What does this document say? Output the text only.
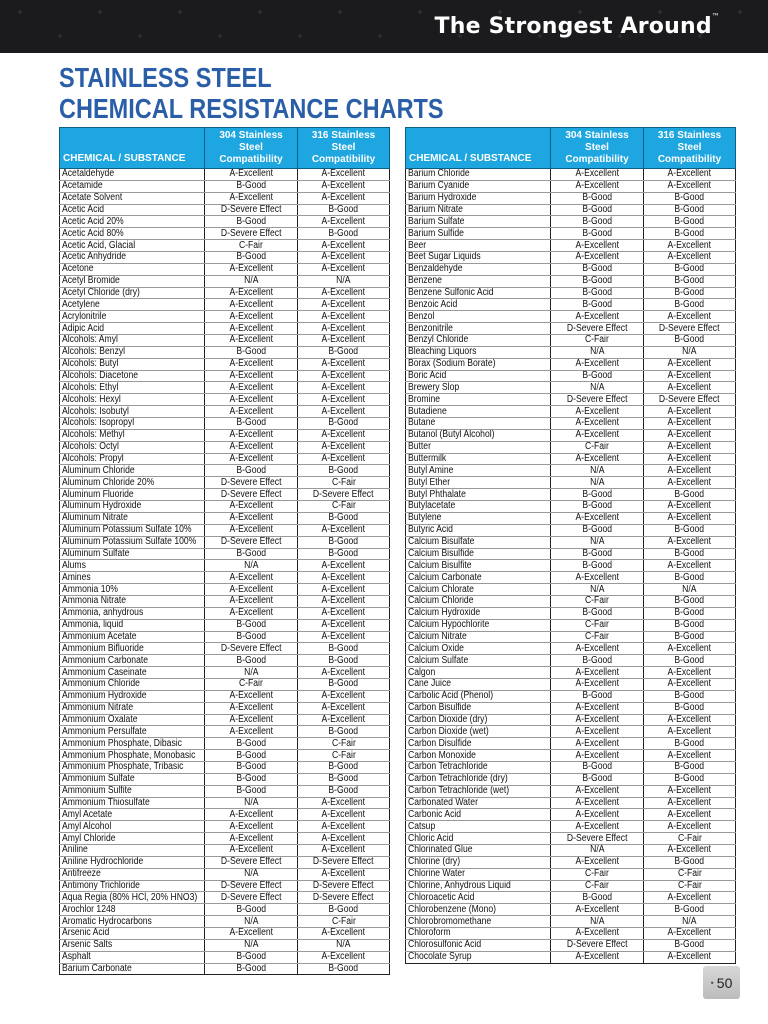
The Strongest Around™
STAINLESS STEEL
CHEMICAL RESISTANCE CHARTS
CHEMICAL / SUBSTANCE	304 Stainless Steel Compatibility	316 Stainless Steel Compatibility
Acetaldehyde	A-Excellent	A-Excellent
Acetamide	B-Good	A-Excellent
Acetate Solvent	A-Excellent	A-Excellent
Acetic Acid	D-Severe Effect	B-Good
Acetic Acid 20%	B-Good	A-Excellent
Acetic Acid 80%	D-Severe Effect	B-Good
Acetic Acid, Glacial	C-Fair	A-Excellent
Acetic Anhydride	B-Good	A-Excellent
Acetone	A-Excellent	A-Excellent
Acetyl Bromide	N/A	N/A
Acetyl Chloride (dry)	A-Excellent	A-Excellent
Acetylene	A-Excellent	A-Excellent
Acrylonitrile	A-Excellent	A-Excellent
Adipic Acid	A-Excellent	A-Excellent
Alcohols: Amyl	A-Excellent	A-Excellent
Alcohols: Benzyl	B-Good	B-Good
Alcohols: Butyl	A-Excellent	A-Excellent
Alcohols: Diacetone	A-Excellent	A-Excellent
Alcohols: Ethyl	A-Excellent	A-Excellent
Alcohols: Hexyl	A-Excellent	A-Excellent
Alcohols: Isobutyl	A-Excellent	A-Excellent
Alcohols: Isopropyl	B-Good	B-Good
Alcohols: Methyl	A-Excellent	A-Excellent
Alcohols: Octyl	A-Excellent	A-Excellent
Alcohols: Propyl	A-Excellent	A-Excellent
Aluminum Chloride	B-Good	B-Good
Aluminum Chloride 20%	D-Severe Effect	C-Fair
Aluminum Fluoride	D-Severe Effect	D-Severe Effect
Aluminum Hydroxide	A-Excellent	C-Fair
Aluminum Nitrate	A-Excellent	B-Good
Aluminum Potassium Sulfate 10%	A-Excellent	A-Excellent
Aluminum Potassium Sulfate 100%	D-Severe Effect	B-Good
Aluminum Sulfate	B-Good	B-Good
Alums	N/A	A-Excellent
Amines	A-Excellent	A-Excellent
Ammonia 10%	A-Excellent	A-Excellent
Ammonia Nitrate	A-Excellent	A-Excellent
Ammonia, anhydrous	A-Excellent	A-Excellent
Ammonia, liquid	B-Good	A-Excellent
Ammonium Acetate	B-Good	A-Excellent
Ammonium Bifluoride	D-Severe Effect	B-Good
Ammonium Carbonate	B-Good	B-Good
Ammonium Caseinate	N/A	A-Excellent
Ammonium Chloride	C-Fair	B-Good
Ammonium Hydroxide	A-Excellent	A-Excellent
Ammonium Nitrate	A-Excellent	A-Excellent
Ammonium Oxalate	A-Excellent	A-Excellent
Ammonium Persulfate	A-Excellent	B-Good
Ammonium Phosphate, Dibasic	B-Good	C-Fair
Ammonium Phosphate, Monobasic	B-Good	C-Fair
Ammonium Phosphate, Tribasic	B-Good	B-Good
Ammonium Sulfate	B-Good	B-Good
Ammonium Sulfite	B-Good	B-Good
Ammonium Thiosulfate	N/A	A-Excellent
Amyl Acetate	A-Excellent	A-Excellent
Amyl Alcohol	A-Excellent	A-Excellent
Amyl Chloride	A-Excellent	A-Excellent
Aniline	A-Excellent	A-Excellent
Aniline Hydrochloride	D-Severe Effect	D-Severe Effect
Antifreeze	N/A	A-Excellent
Antimony Trichloride	D-Severe Effect	D-Severe Effect
Aqua Regia (80% HCl, 20% HNO3)	D-Severe Effect	D-Severe Effect
Arochlor 1248	B-Good	B-Good
Aromatic Hydrocarbons	N/A	C-Fair
Arsenic Acid	A-Excellent	A-Excellent
Arsenic Salts	N/A	N/A
Asphalt	B-Good	A-Excellent
Barium Carbonate	B-Good	B-Good
CHEMICAL / SUBSTANCE	304 Stainless Steel Compatibility	316 Stainless Steel Compatibility
Barium Chloride	A-Excellent	A-Excellent
Barium Cyanide	A-Excellent	A-Excellent
Barium Hydroxide	B-Good	B-Good
Barium Nitrate	B-Good	B-Good
Barium Sulfate	B-Good	B-Good
Barium Sulfide	B-Good	B-Good
Beer	A-Excellent	A-Excellent
Beet Sugar Liquids	A-Excellent	A-Excellent
Benzaldehyde	B-Good	B-Good
Benzene	B-Good	B-Good
Benzene Sulfonic Acid	B-Good	B-Good
Benzoic Acid	B-Good	B-Good
Benzol	A-Excellent	A-Excellent
Benzonitrile	D-Severe Effect	D-Severe Effect
Benzyl Chloride	C-Fair	B-Good
Bleaching Liquors	N/A	N/A
Borax (Sodium Borate)	A-Excellent	A-Excellent
Boric Acid	B-Good	A-Excellent
Brewery Slop	N/A	A-Excellent
Bromine	D-Severe Effect	D-Severe Effect
Butadiene	A-Excellent	A-Excellent
Butane	A-Excellent	A-Excellent
Butanol (Butyl Alcohol)	A-Excellent	A-Excellent
Butter	C-Fair	A-Excellent
Buttermilk	A-Excellent	A-Excellent
Butyl Amine	N/A	A-Excellent
Butyl Ether	N/A	A-Excellent
Butyl Phthalate	B-Good	B-Good
Butylacetate	B-Good	A-Excellent
Butylene	A-Excellent	A-Excellent
Butyric Acid	B-Good	B-Good
Calcium Bisulfate	N/A	A-Excellent
Calcium Bisulfide	B-Good	B-Good
Calcium Bisulfite	B-Good	A-Excellent
Calcium Carbonate	A-Excellent	B-Good
Calcium Chlorate	N/A	N/A
Calcium Chloride	C-Fair	B-Good
Calcium Hydroxide	B-Good	B-Good
Calcium Hypochlorite	C-Fair	B-Good
Calcium Nitrate	C-Fair	B-Good
Calcium Oxide	A-Excellent	A-Excellent
Calcium Sulfate	B-Good	B-Good
Calgon	A-Excellent	A-Excellent
Cane Juice	A-Excellent	A-Excellent
Carbolic Acid (Phenol)	B-Good	B-Good
Carbon Bisulfide	A-Excellent	B-Good
Carbon Dioxide (dry)	A-Excellent	A-Excellent
Carbon Dioxide (wet)	A-Excellent	A-Excellent
Carbon Disulfide	A-Excellent	B-Good
Carbon Monoxide	A-Excellent	A-Excellent
Carbon Tetrachloride	B-Good	B-Good
Carbon Tetrachloride (dry)	B-Good	B-Good
Carbon Tetrachloride (wet)	A-Excellent	A-Excellent
Carbonated Water	A-Excellent	A-Excellent
Carbonic Acid	A-Excellent	A-Excellent
Catsup	A-Excellent	A-Excellent
Chloric Acid	D-Severe Effect	C-Fair
Chlorinated Glue	N/A	A-Excellent
Chlorine (dry)	A-Excellent	B-Good
Chlorine Water	C-Fair	C-Fair
Chlorine, Anhydrous Liquid	C-Fair	C-Fair
Chloroacetic Acid	B-Good	A-Excellent
Chlorobenzene (Mono)	A-Excellent	B-Good
Chlorobromomethane	N/A	N/A
Chloroform	A-Excellent	A-Excellent
Chlorosulfonic Acid	D-Severe Effect	B-Good
Chocolate Syrup	A-Excellent	A-Excellent
• 50
